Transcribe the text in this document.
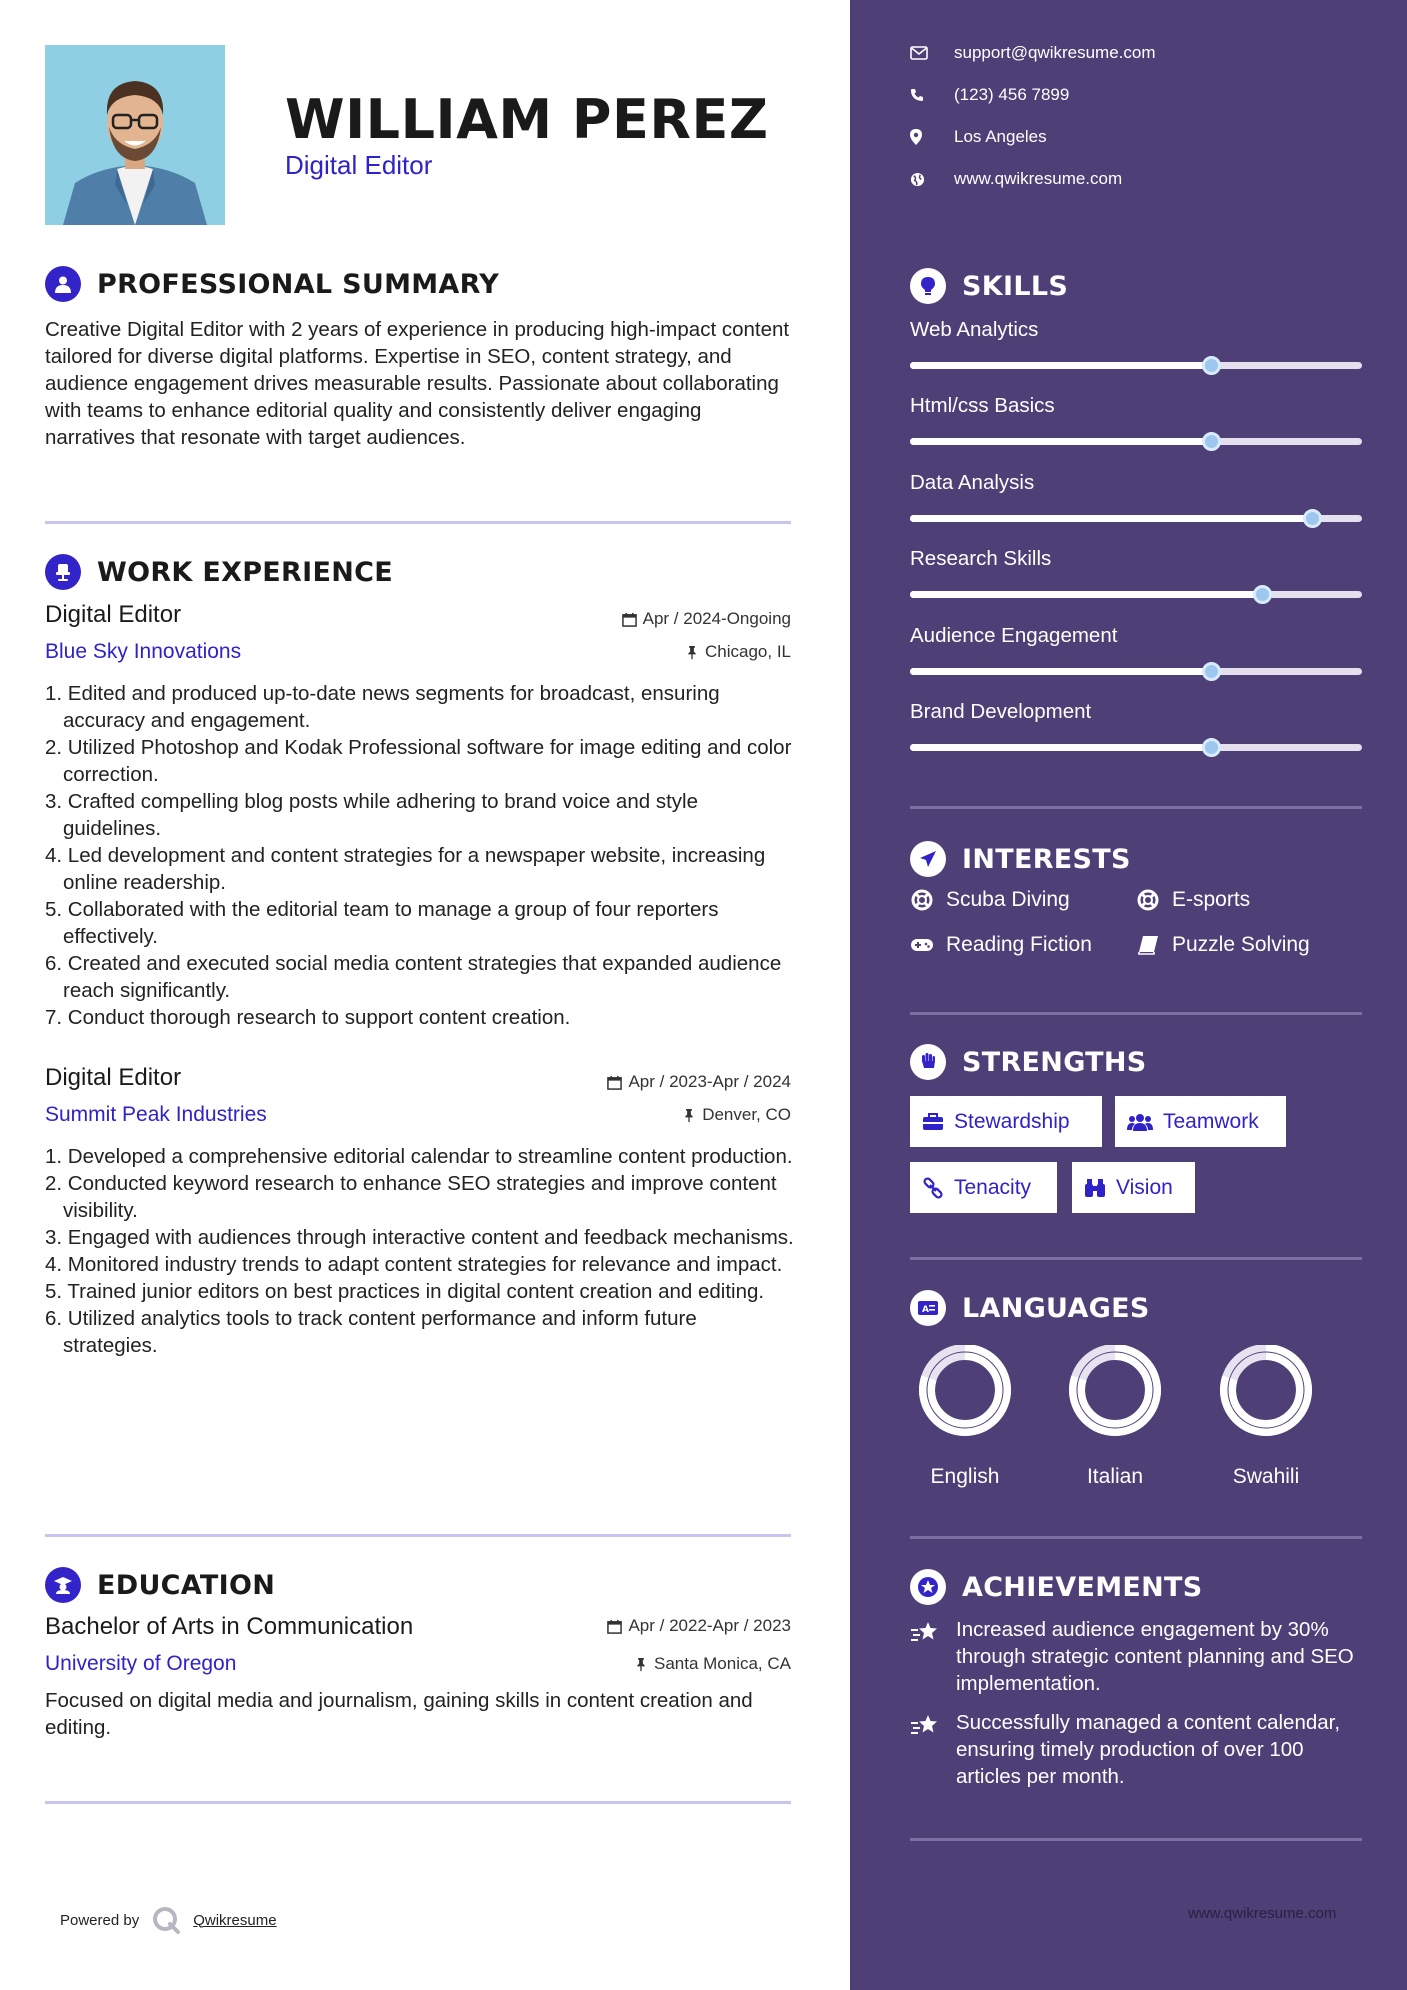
WILLIAM PEREZ
Digital Editor
PROFESSIONAL SUMMARY
Creative Digital Editor with 2 years of experience in producing high-impact content tailored for diverse digital platforms. Expertise in SEO, content strategy, and audience engagement drives measurable results. Passionate about collaborating with teams to enhance editorial quality and consistently deliver engaging narratives that resonate with target audiences.
WORK EXPERIENCE
Digital Editor	Apr / 2024-Ongoing
Blue Sky Innovations	Chicago, IL
1. Edited and produced up-to-date news segments for broadcast, ensuring accuracy and engagement.
2. Utilized Photoshop and Kodak Professional software for image editing and color correction.
3. Crafted compelling blog posts while adhering to brand voice and style guidelines.
4. Led development and content strategies for a newspaper website, increasing online readership.
5. Collaborated with the editorial team to manage a group of four reporters effectively.
6. Created and executed social media content strategies that expanded audience reach significantly.
7. Conduct thorough research to support content creation.
Digital Editor	Apr / 2023-Apr / 2024
Summit Peak Industries	Denver, CO
1. Developed a comprehensive editorial calendar to streamline content production.
2. Conducted keyword research to enhance SEO strategies and improve content visibility.
3. Engaged with audiences through interactive content and feedback mechanisms.
4. Monitored industry trends to adapt content strategies for relevance and impact.
5. Trained junior editors on best practices in digital content creation and editing.
6. Utilized analytics tools to track content performance and inform future strategies.
EDUCATION
Bachelor of Arts in Communication	Apr / 2022-Apr / 2023
University of Oregon	Santa Monica, CA
Focused on digital media and journalism, gaining skills in content creation and editing.
Powered by	Qwikresume
support@qwikresume.com
(123) 456 7899
Los Angeles
www.qwikresume.com
SKILLS
Web Analytics
Html/css Basics
Data Analysis
Research Skills
Audience Engagement
Brand Development
INTERESTS
Scuba Diving	E-sports
Reading Fiction	Puzzle Solving
STRENGTHS
Stewardship	Teamwork
Tenacity	Vision
A LANGUAGES
English	Italian	Swahili
ACHIEVEMENTS
Increased audience engagement by 30% through strategic content planning and SEO implementation.
Successfully managed a content calendar, ensuring timely production of over 100 articles per month.
www.qwikresume.com
